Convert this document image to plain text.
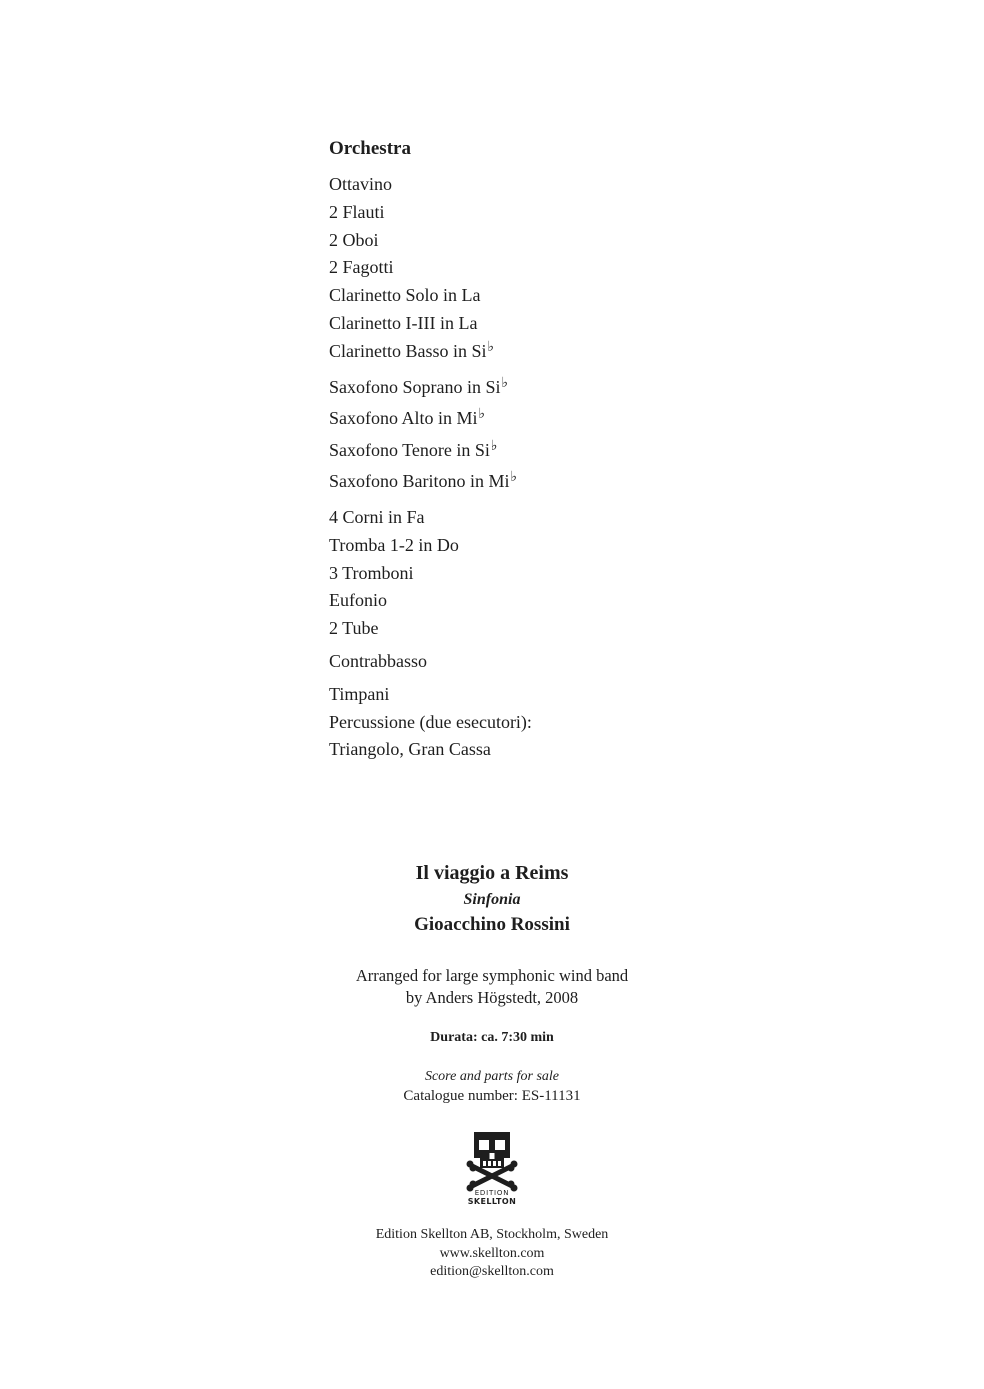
Orchestra
Ottavino
2 Flauti
2 Oboi
2 Fagotti
Clarinetto Solo in La
Clarinetto I-III in La
Clarinetto Basso in Si♭
Saxofono Soprano in Si♭
Saxofono Alto in Mi♭
Saxofono Tenore in Si♭
Saxofono Baritono in Mi♭
4 Corni in Fa
Tromba 1-2 in Do
3 Tromboni
Eufonio
2 Tube
Contrabbasso
Timpani
Percussione (due esecutori):
Triangolo, Gran Cassa
Il viaggio a Reims
Sinfonia
Gioacchino Rossini
Arranged for large symphonic wind band
by Anders Högstedt, 2008
Durata: ca. 7:30 min
Score and parts for sale
Catalogue number: ES-11131
EDITION
SKELLTON
Edition Skellton AB, Stockholm, Sweden
www.skellton.com
edition@skellton.com
